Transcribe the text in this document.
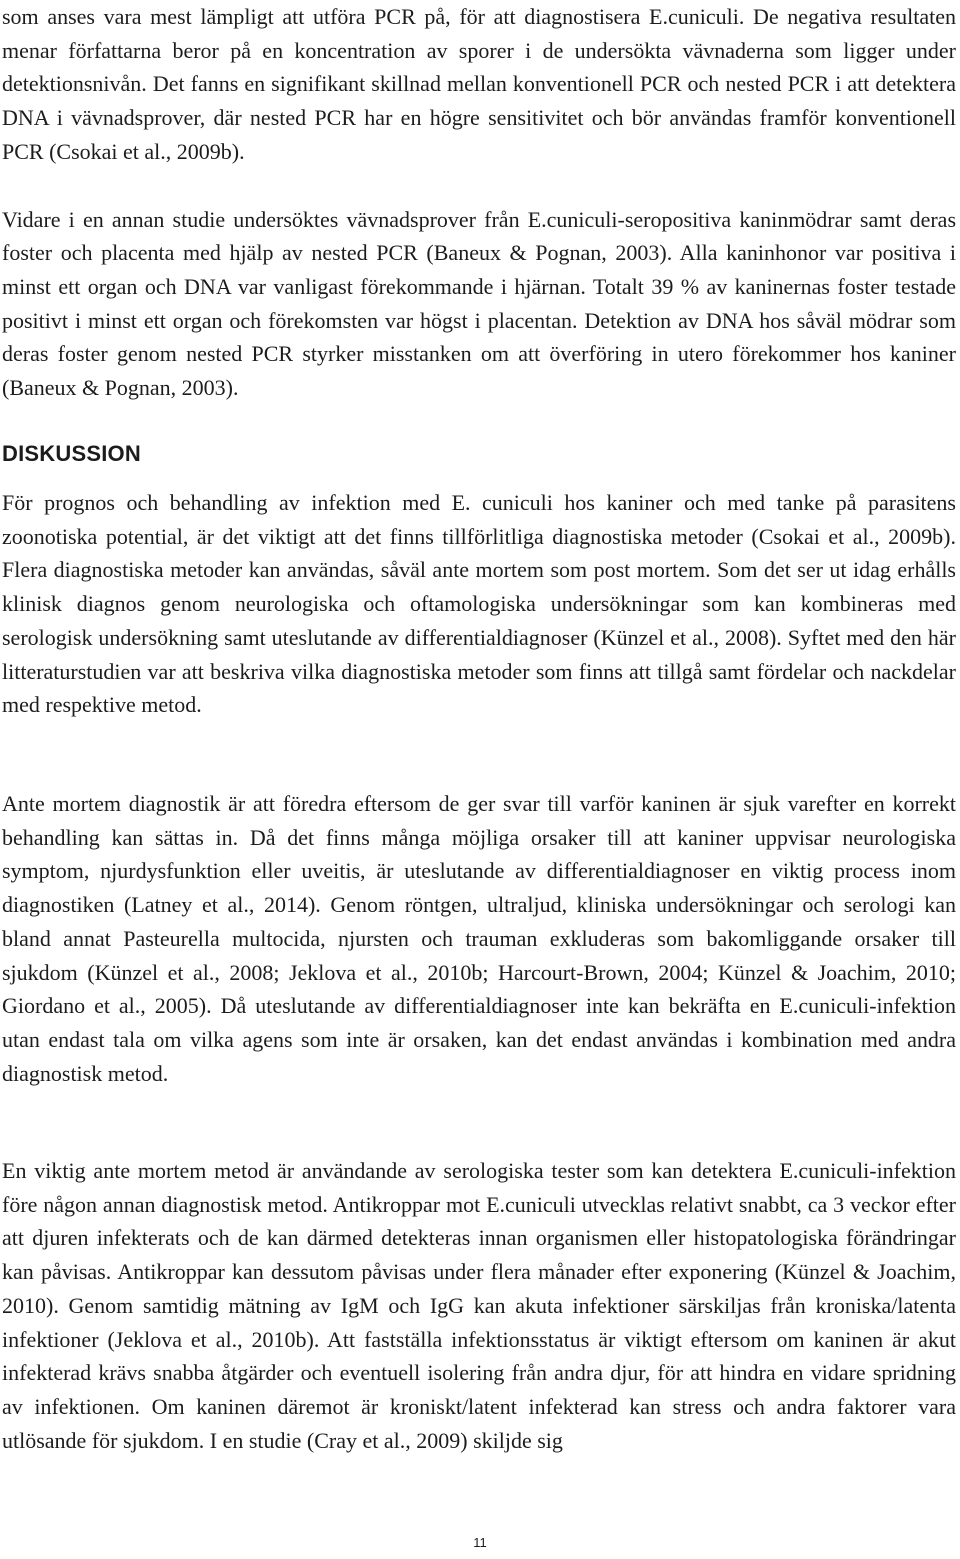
som anses vara mest lämpligt att utföra PCR på, för att diagnostisera E.cuniculi. De negativa resultaten menar författarna beror på en koncentration av sporer i de undersökta vävnaderna som ligger under detektionsnivån. Det fanns en signifikant skillnad mellan konventionell PCR och nested PCR i att detektera DNA i vävnadsprover, där nested PCR har en högre sensitivitet och bör användas framför konventionell PCR (Csokai et al., 2009b).

Vidare i en annan studie undersöktes vävnadsprover från E.cuniculi-seropositiva kaninmödrar samt deras foster och placenta med hjälp av nested PCR (Baneux & Pognan, 2003). Alla kaninhonor var positiva i minst ett organ och DNA var vanligast förekommande i hjärnan. Totalt 39 % av kaninernas foster testade positivt i minst ett organ och förekomsten var högst i placentan. Detektion av DNA hos såväl mödrar som deras foster genom nested PCR styrker misstanken om att överföring in utero förekommer hos kaniner (Baneux & Pognan, 2003).

DISKUSSION

För prognos och behandling av infektion med E. cuniculi hos kaniner och med tanke på parasitens zoonotiska potential, är det viktigt att det finns tillförlitliga diagnostiska metoder (Csokai et al., 2009b). Flera diagnostiska metoder kan användas, såväl ante mortem som post mortem. Som det ser ut idag erhålls klinisk diagnos genom neurologiska och oftamologiska undersökningar som kan kombineras med serologisk undersökning samt uteslutande av differentialdiagnoser (Künzel et al., 2008). Syftet med den här litteraturstudien var att beskriva vilka diagnostiska metoder som finns att tillgå samt fördelar och nackdelar med respektive metod.

Ante mortem diagnostik är att föredra eftersom de ger svar till varför kaninen är sjuk varefter en korrekt behandling kan sättas in. Då det finns många möjliga orsaker till att kaniner uppvisar neurologiska symptom, njurdysfunktion eller uveitis, är uteslutande av differentialdiagnoser en viktig process inom diagnostiken (Latney et al., 2014). Genom röntgen, ultraljud, kliniska undersökningar och serologi kan bland annat Pasteurella multocida, njursten och trauman exkluderas som bakomliggande orsaker till sjukdom (Künzel et al., 2008; Jeklova et al., 2010b; Harcourt-Brown, 2004; Künzel & Joachim, 2010; Giordano et al., 2005). Då uteslutande av differentialdiagnoser inte kan bekräfta en E.cuniculi-infektion utan endast tala om vilka agens som inte är orsaken, kan det endast användas i kombination med andra diagnostisk metod.

En viktig ante mortem metod är användande av serologiska tester som kan detektera E.cuniculi-infektion före någon annan diagnostisk metod. Antikroppar mot E.cuniculi utvecklas relativt snabbt, ca 3 veckor efter att djuren infekterats och de kan därmed detekteras innan organismen eller histopatologiska förändringar kan påvisas. Antikroppar kan dessutom påvisas under flera månader efter exponering (Künzel & Joachim, 2010). Genom samtidig mätning av IgM och IgG kan akuta infektioner särskiljas från kroniska/latenta infektioner (Jeklova et al., 2010b). Att fastställa infektionsstatus är viktigt eftersom om kaninen är akut infekterad krävs snabba åtgärder och eventuell isolering från andra djur, för att hindra en vidare spridning av infektionen. Om kaninen däremot är kroniskt/latent infekterad kan stress och andra faktorer vara utlösande för sjukdom. I en studie (Cray et al., 2009) skiljde sig

11
